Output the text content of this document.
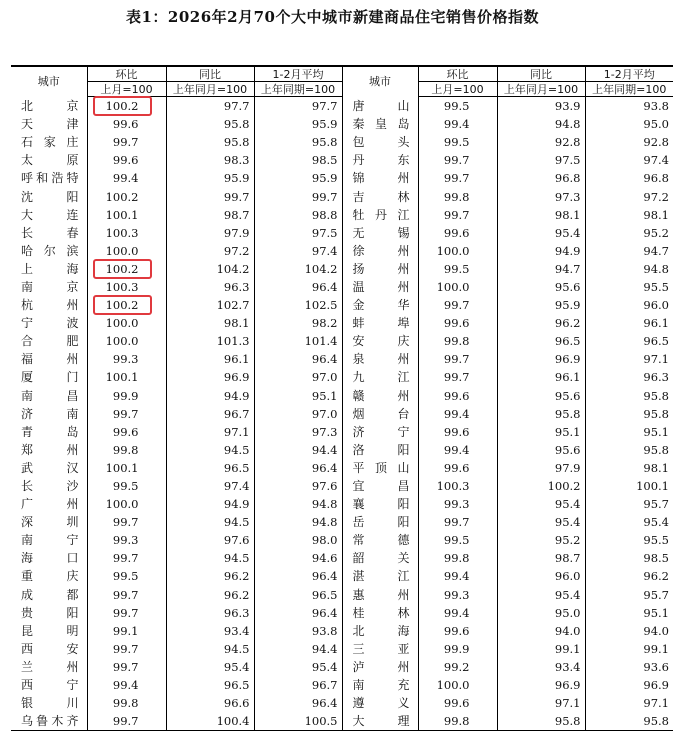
表1：2026年2月70个大中城市新建商品住宅销售价格指数
城市	环比	同比	1-2月平均	城市	环比	同比	1-2月平均
	上月=100	上年同月=100	上年同期=100		上月=100	上年同月=100	上年同期=100
北京	100.2	97.7	97.7	唐山	99.5	93.9	93.8
天津	99.6	95.8	95.9	秦皇岛	99.4	94.8	95.0
石家庄	99.7	95.8	95.8	包头	99.5	92.8	92.8
太原	99.6	98.3	98.5	丹东	99.7	97.5	97.4
呼和浩特	99.4	95.9	95.9	锦州	99.7	96.8	96.8
沈阳	100.2	99.7	99.7	吉林	99.8	97.3	97.2
大连	100.1	98.7	98.8	牡丹江	99.7	98.1	98.1
长春	100.3	97.9	97.5	无锡	99.6	95.4	95.2
哈尔滨	100.0	97.2	97.4	徐州	100.0	94.9	94.7
上海	100.2	104.2	104.2	扬州	99.5	94.7	94.8
南京	100.3	96.3	96.4	温州	100.0	95.6	95.5
杭州	100.2	102.7	102.5	金华	99.7	95.9	96.0
宁波	100.0	98.1	98.2	蚌埠	99.6	96.2	96.1
合肥	100.0	101.3	101.4	安庆	99.8	96.5	96.5
福州	99.3	96.1	96.4	泉州	99.7	96.9	97.1
厦门	100.1	96.9	97.0	九江	99.7	96.1	96.3
南昌	99.9	94.9	95.1	赣州	99.6	95.6	95.8
济南	99.7	96.7	97.0	烟台	99.4	95.8	95.8
青岛	99.6	97.1	97.3	济宁	99.6	95.1	95.1
郑州	99.8	94.5	94.4	洛阳	99.4	95.6	95.8
武汉	100.1	96.5	96.4	平顶山	99.6	97.9	98.1
长沙	99.5	97.4	97.6	宜昌	100.3	100.2	100.1
广州	100.0	94.9	94.8	襄阳	99.3	95.4	95.7
深圳	99.7	94.5	94.8	岳阳	99.7	95.4	95.4
南宁	99.3	97.6	98.0	常德	99.5	95.2	95.5
海口	99.7	94.5	94.6	韶关	99.8	98.7	98.5
重庆	99.5	96.2	96.4	湛江	99.4	96.0	96.2
成都	99.7	96.2	96.5	惠州	99.3	95.4	95.7
贵阳	99.7	96.3	96.4	桂林	99.4	95.0	95.1
昆明	99.1	93.4	93.8	北海	99.6	94.0	94.0
西安	99.7	94.5	94.4	三亚	99.9	99.1	99.1
兰州	99.7	95.4	95.4	泸州	99.2	93.4	93.6
西宁	99.4	96.5	96.7	南充	100.0	96.9	96.9
银川	99.8	96.6	96.4	遵义	99.6	97.1	97.1
乌鲁木齐	99.7	100.4	100.5	大理	99.8	95.8	95.8
